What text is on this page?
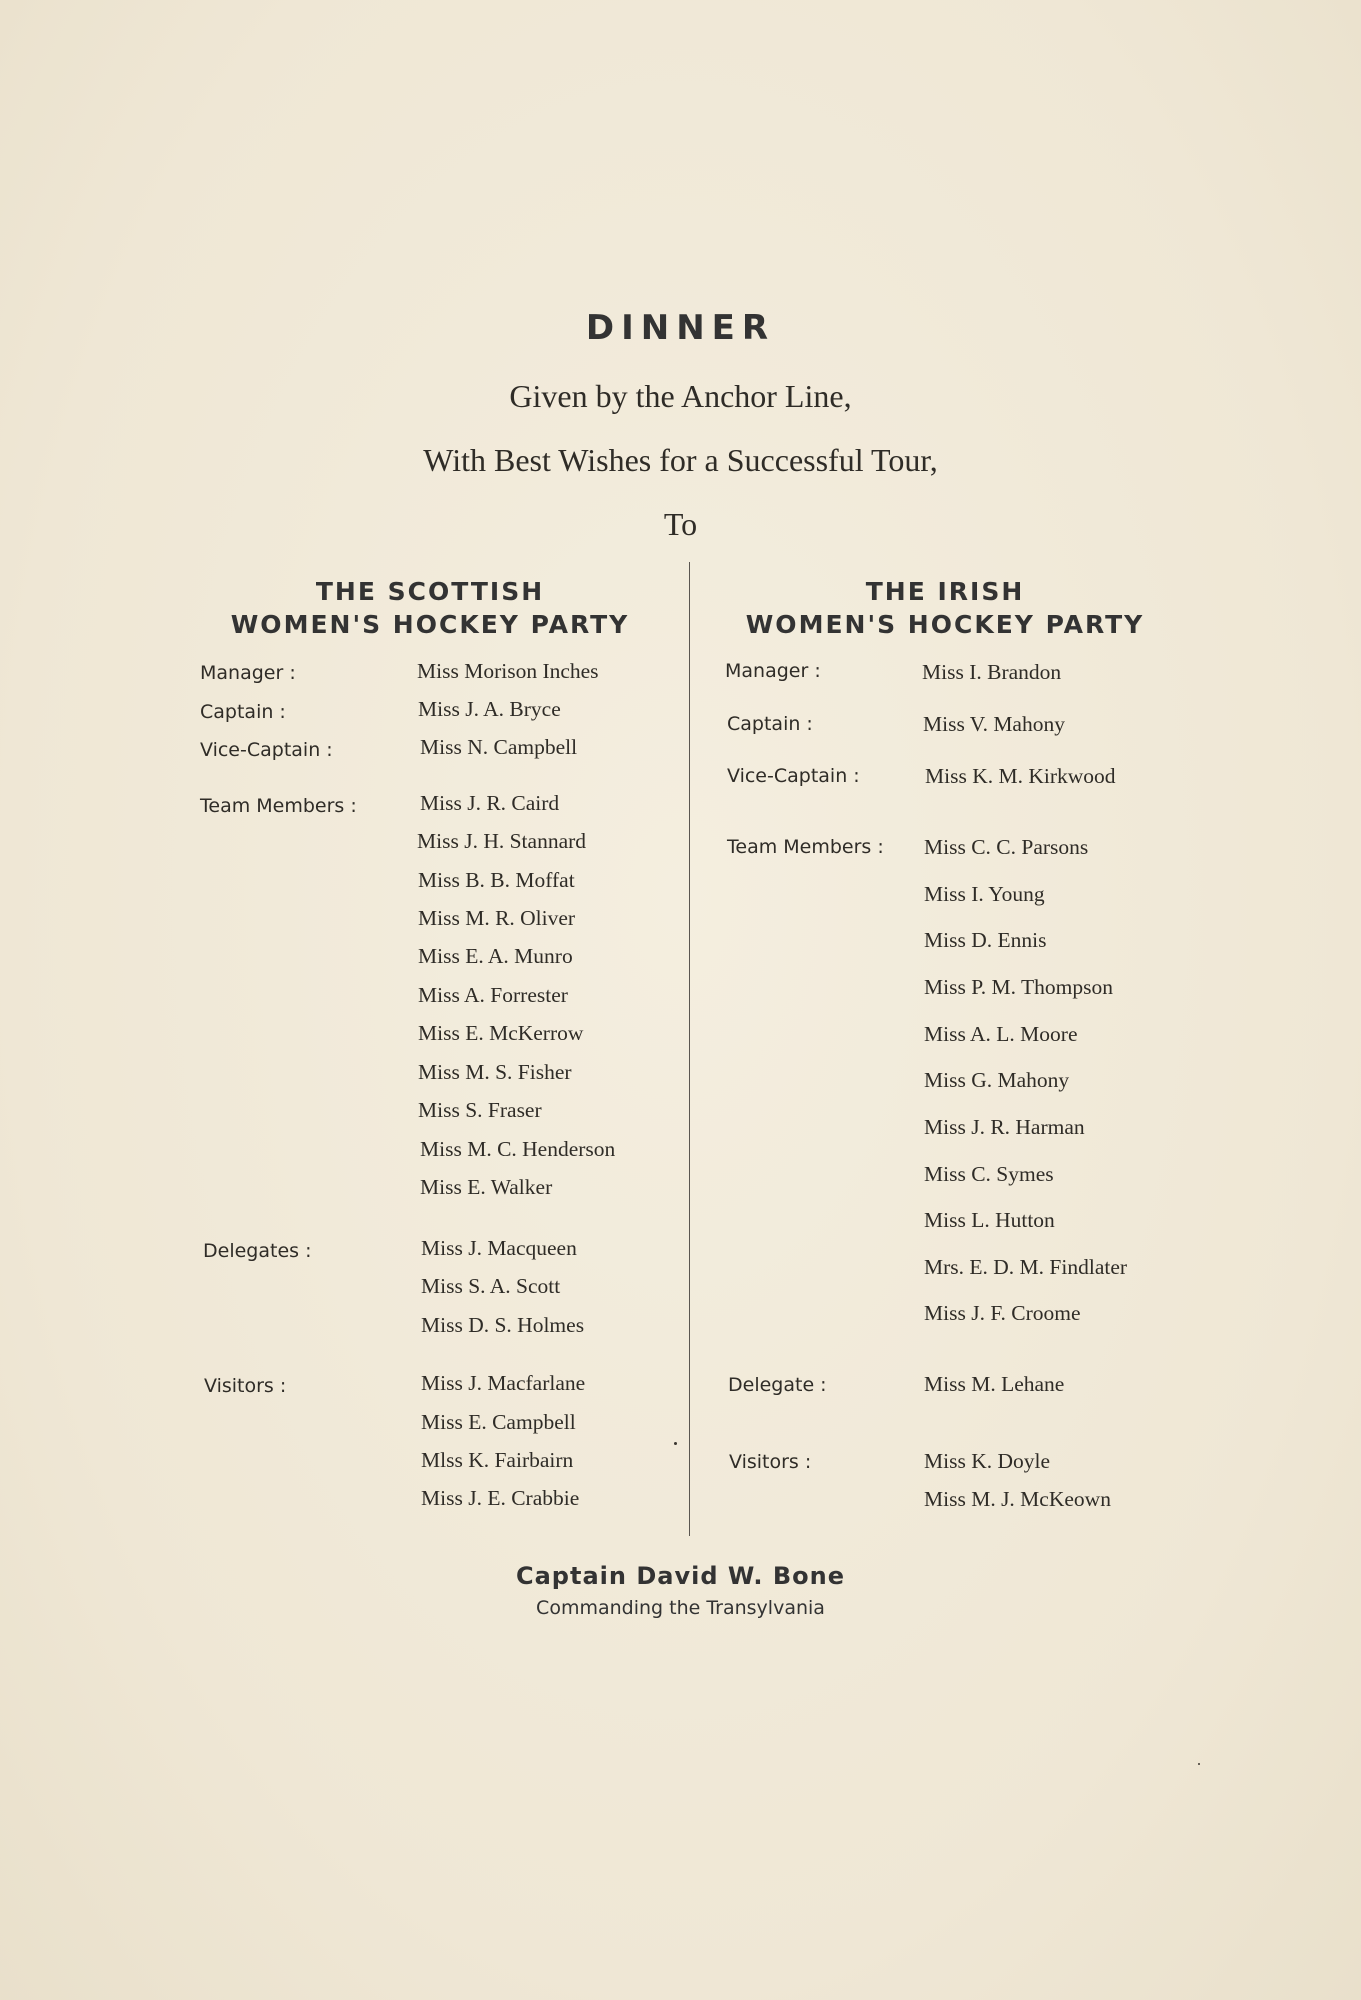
DINNER
Given by the Anchor Line,
With Best Wishes for a Successful Tour,
To
THE SCOTTISH
WOMEN'S HOCKEY PARTY
Manager :	Miss Morison Inches
Captain :	Miss J. A. Bryce
Vice-Captain :	Miss N. Campbell
Team Members :	Miss J. R. Caird
Miss J. H. Stannard
Miss B. B. Moffat
Miss M. R. Oliver
Miss E. A. Munro
Miss A. Forrester
Miss E. McKerrow
Miss M. S. Fisher
Miss S. Fraser
Miss M. C. Henderson
Miss E. Walker
Delegates :	Miss J. Macqueen
Miss S. A. Scott
Miss D. S. Holmes
Visitors :	Miss J. Macfarlane
Miss E. Campbell
Mlss K. Fairbairn
Miss J. E. Crabbie
THE IRISH
WOMEN'S HOCKEY PARTY
Manager :	Miss I. Brandon
Captain :	Miss V. Mahony
Vice-Captain :	Miss K. M. Kirkwood
Team Members : Miss C. C. Parsons
Miss I. Young
Miss D. Ennis
Miss P. M. Thompson
Miss A. L. Moore
Miss G. Mahony
Miss J. R. Harman
Miss C. Symes
Miss L. Hutton
Mrs. E. D. M. Findlater
Miss J. F. Croome
Delegate :	Miss M. Lehane
Visitors :	Miss K. Doyle
Miss M. J. McKeown
Captain David W. Bone
Commanding the Transylvania
